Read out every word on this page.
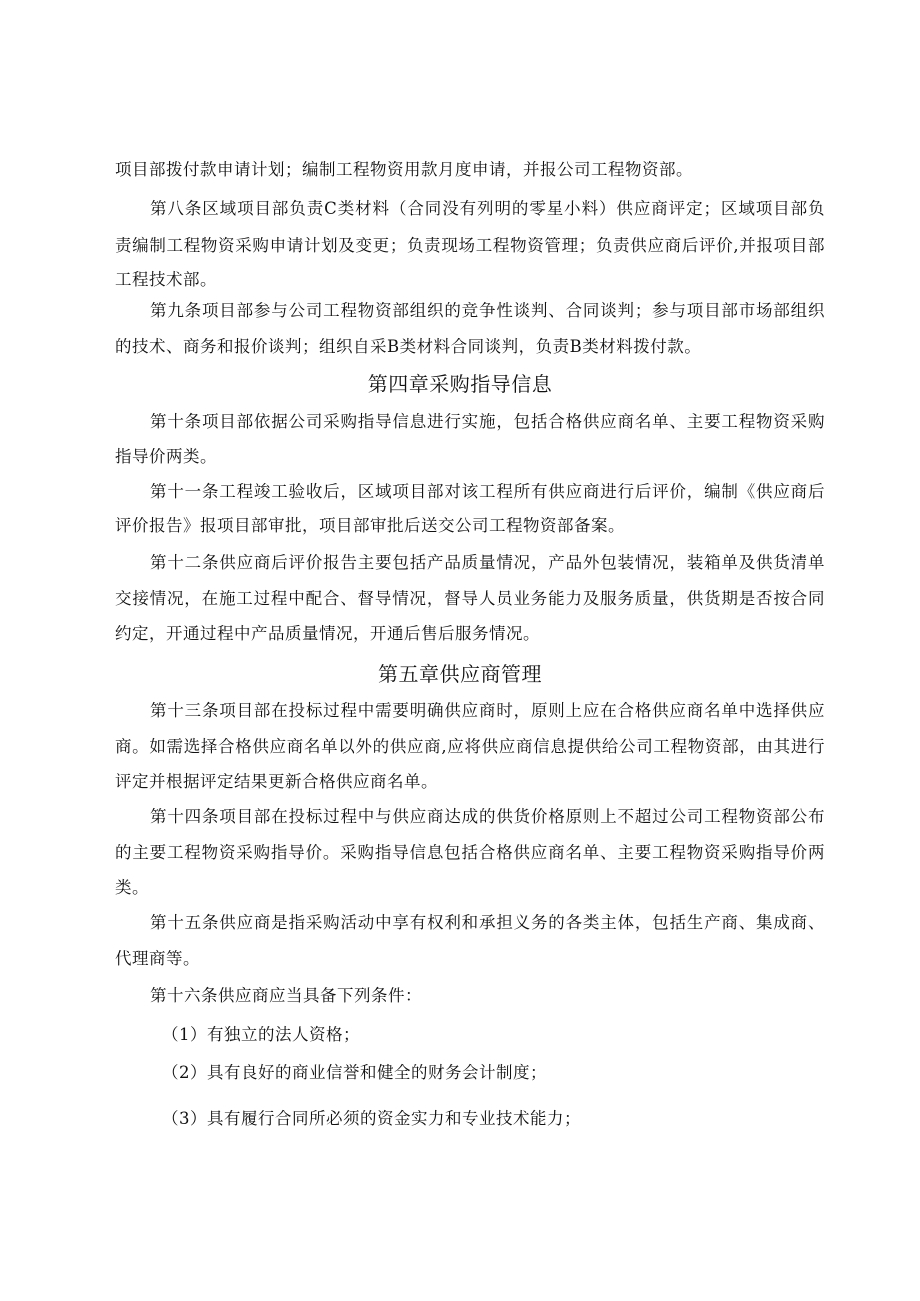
项目部拨付款申请计划；编制工程物资用款月度申请，并报公司工程物资部。
第八条区域项目部负责C类材料（合同没有列明的零星小料）供应商评定；区域项目部负
责编制工程物资采购申请计划及变更；负责现场工程物资管理；负责供应商后评价,并报项目部
工程技术部。
第九条项目部参与公司工程物资部组织的竞争性谈判、合同谈判；参与项目部市场部组织
的技术、商务和报价谈判；组织自采B类材料合同谈判，负责B类材料拨付款。
第四章采购指导信息
第十条项目部依据公司采购指导信息进行实施，包括合格供应商名单、主要工程物资采购
指导价两类。
第十一条工程竣工验收后，区域项目部对该工程所有供应商进行后评价，编制《供应商后
评价报告》报项目部审批，项目部审批后送交公司工程物资部备案。
第十二条供应商后评价报告主要包括产品质量情况，产品外包装情况，装箱单及供货清单
交接情况，在施工过程中配合、督导情况，督导人员业务能力及服务质量，供货期是否按合同
约定，开通过程中产品质量情况，开通后售后服务情况。
第五章供应商管理
第十三条项目部在投标过程中需要明确供应商时，原则上应在合格供应商名单中选择供应
商。如需选择合格供应商名单以外的供应商,应将供应商信息提供给公司工程物资部，由其进行
评定并根据评定结果更新合格供应商名单。
第十四条项目部在投标过程中与供应商达成的供货价格原则上不超过公司工程物资部公布
的主要工程物资采购指导价。采购指导信息包括合格供应商名单、主要工程物资采购指导价两
类。
第十五条供应商是指采购活动中享有权利和承担义务的各类主体，包括生产商、集成商、
代理商等。
第十六条供应商应当具备下列条件：
（1）有独立的法人资格；
（2）具有良好的商业信誉和健全的财务会计制度；
（3）具有履行合同所必须的资金实力和专业技术能力；
